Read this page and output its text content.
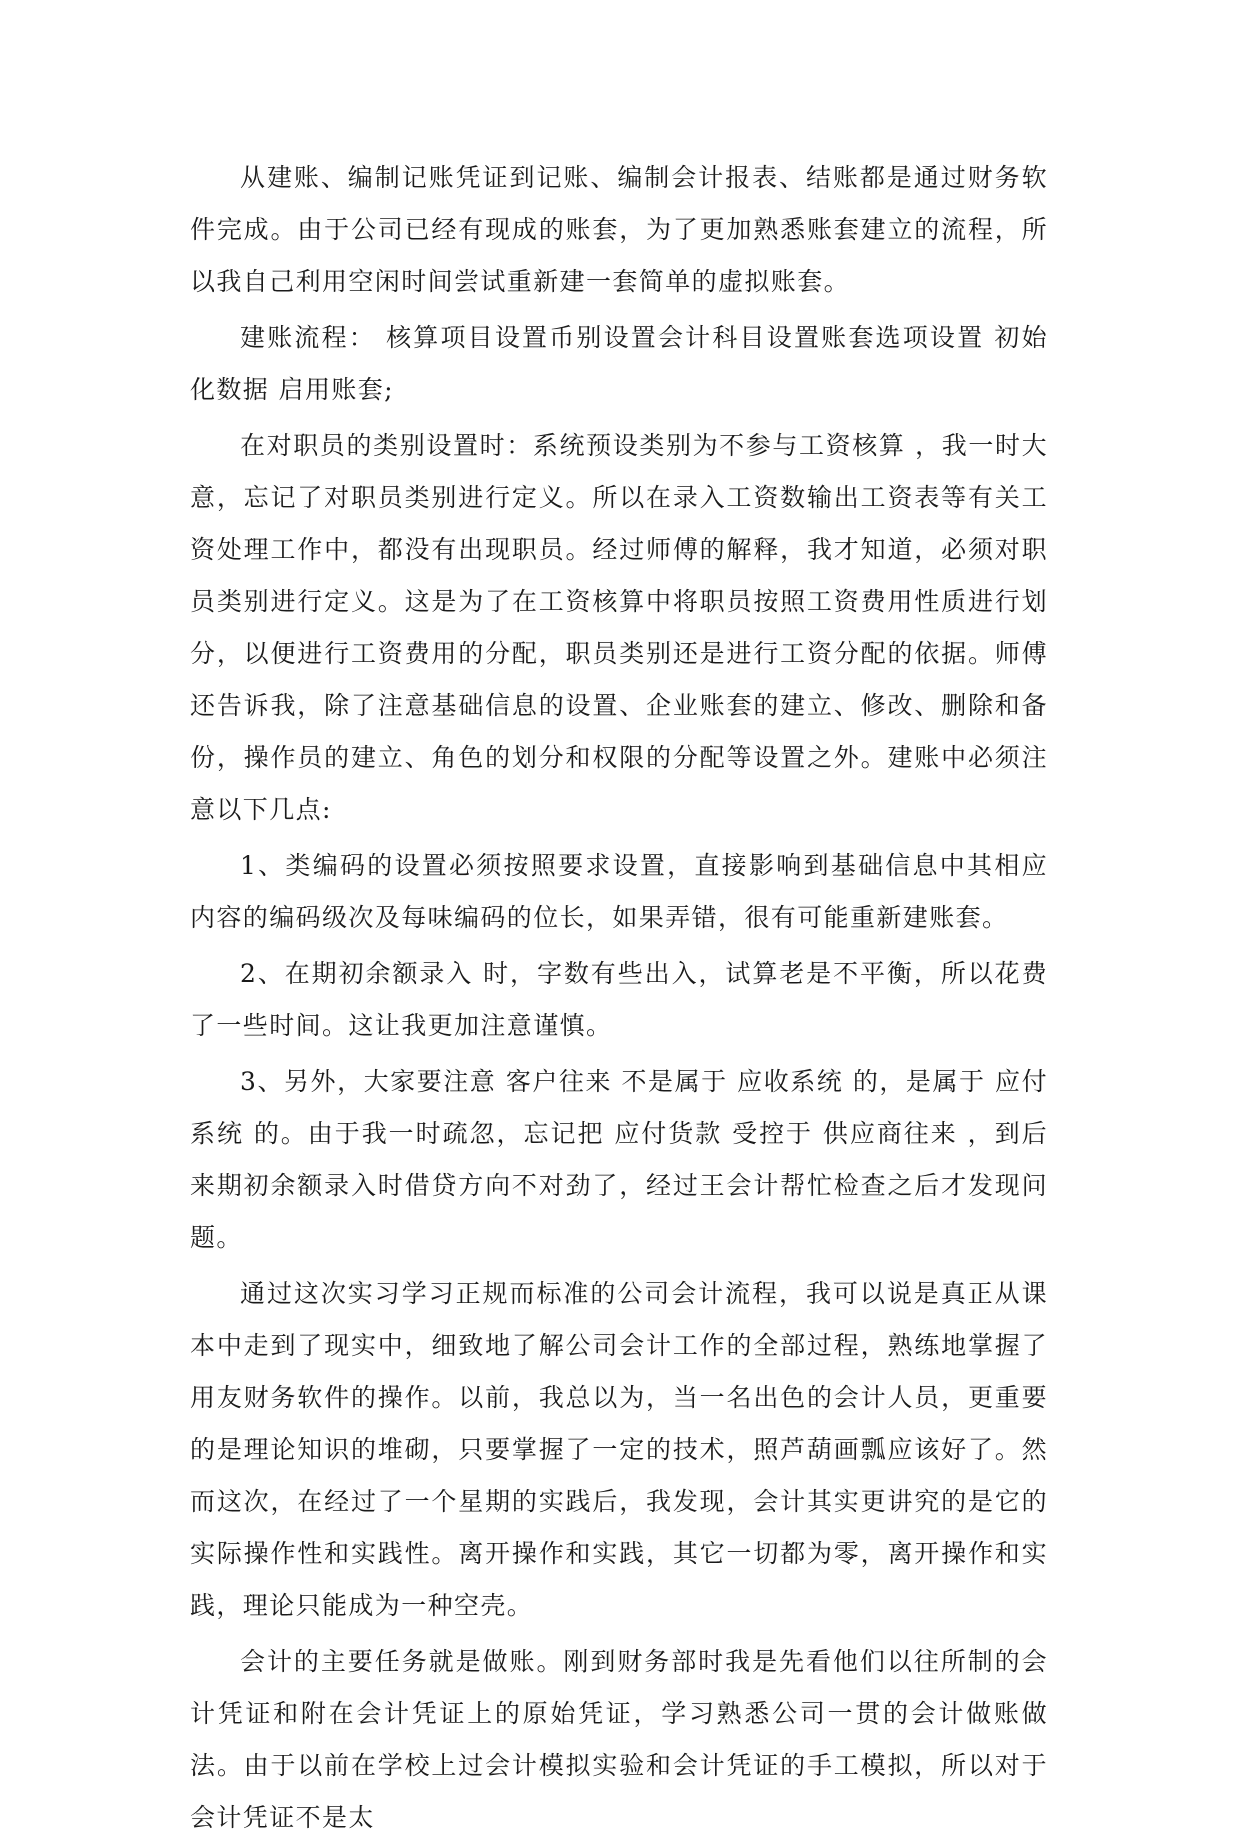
从建账、编制记账凭证到记账、编制会计报表、结账都是通过财务软件完成。由于公司已经有现成的账套，为了更加熟悉账套建立的流程，所以我自己利用空闲时间尝试重新建一套简单的虚拟账套。

建账流程： 核算项目设置币别设置会计科目设置账套选项设置 初始化数据 启用账套;

在对职员的类别设置时：系统预设类别为不参与工资核算 ，我一时大意，忘记了对职员类别进行定义。所以在录入工资数输出工资表等有关工资处理工作中，都没有出现职员。经过师傅的解释，我才知道，必须对职员类别进行定义。这是为了在工资核算中将职员按照工资费用性质进行划分，以便进行工资费用的分配，职员类别还是进行工资分配的依据。师傅还告诉我，除了注意基础信息的设置、企业账套的建立、修改、删除和备份，操作员的建立、角色的划分和权限的分配等设置之外。建账中必须注意以下几点:

1、类编码的设置必须按照要求设置，直接影响到基础信息中其相应内容的编码级次及每味编码的位长，如果弄错，很有可能重新建账套。

2、在期初余额录入 时，字数有些出入，试算老是不平衡，所以花费了一些时间。这让我更加注意谨慎。

3、另外，大家要注意 客户往来 不是属于 应收系统 的，是属于 应付系统 的。由于我一时疏忽，忘记把 应付货款 受控于 供应商往来 ，到后来期初余额录入时借贷方向不对劲了，经过王会计帮忙检查之后才发现问题。

通过这次实习学习正规而标准的公司会计流程，我可以说是真正从课本中走到了现实中，细致地了解公司会计工作的全部过程，熟练地掌握了用友财务软件的操作。以前，我总以为，当一名出色的会计人员，更重要的是理论知识的堆砌，只要掌握了一定的技术，照芦葫画瓢应该好了。然而这次，在经过了一个星期的实践后，我发现，会计其实更讲究的是它的实际操作性和实践性。离开操作和实践，其它一切都为零，离开操作和实践，理论只能成为一种空壳。

会计的主要任务就是做账。刚到财务部时我是先看他们以往所制的会计凭证和附在会计凭证上的原始凭证，学习熟悉公司一贯的会计做账做法。由于以前在学校上过会计模拟实验和会计凭证的手工模拟，所以对于会计凭证不是太
